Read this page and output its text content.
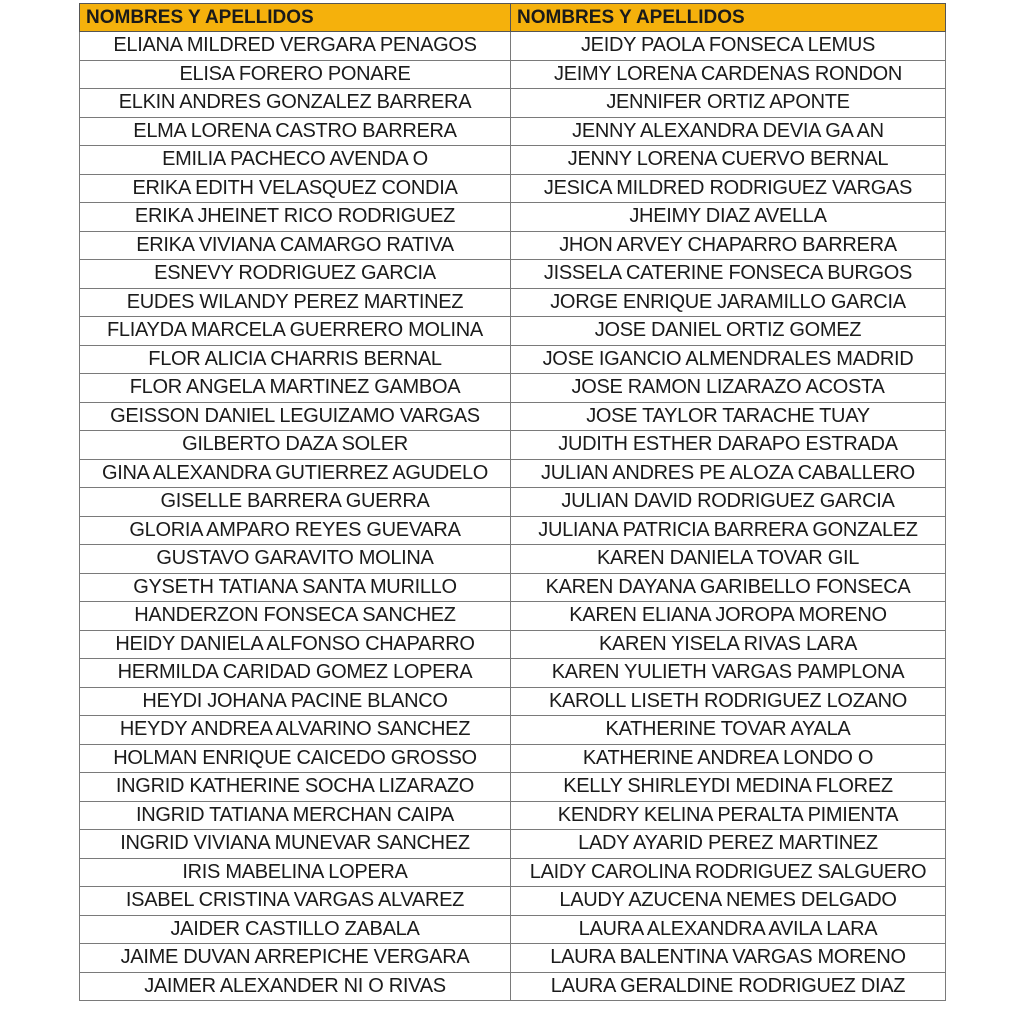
NOMBRES Y APELLIDOS	NOMBRES Y APELLIDOS
ELIANA MILDRED VERGARA PENAGOS	JEIDY PAOLA FONSECA LEMUS
ELISA FORERO PONARE	JEIMY LORENA CARDENAS RONDON
ELKIN ANDRES GONZALEZ BARRERA	JENNIFER ORTIZ APONTE
ELMA LORENA CASTRO BARRERA	JENNY ALEXANDRA DEVIA GA AN
EMILIA PACHECO AVENDA O	JENNY LORENA CUERVO BERNAL
ERIKA EDITH VELASQUEZ CONDIA	JESICA MILDRED RODRIGUEZ VARGAS
ERIKA JHEINET RICO RODRIGUEZ	JHEIMY DIAZ AVELLA
ERIKA VIVIANA CAMARGO RATIVA	JHON ARVEY CHAPARRO BARRERA
ESNEVY RODRIGUEZ GARCIA	JISSELA CATERINE FONSECA BURGOS
EUDES WILANDY PEREZ MARTINEZ	JORGE ENRIQUE JARAMILLO GARCIA
FLIAYDA MARCELA GUERRERO MOLINA	JOSE DANIEL ORTIZ GOMEZ
FLOR ALICIA CHARRIS BERNAL	JOSE IGANCIO ALMENDRALES MADRID
FLOR ANGELA MARTINEZ GAMBOA	JOSE RAMON LIZARAZO ACOSTA
GEISSON DANIEL LEGUIZAMO VARGAS	JOSE TAYLOR TARACHE TUAY
GILBERTO DAZA SOLER	JUDITH ESTHER DARAPO ESTRADA
GINA ALEXANDRA GUTIERREZ AGUDELO	JULIAN ANDRES PE ALOZA CABALLERO
GISELLE BARRERA GUERRA	JULIAN DAVID RODRIGUEZ GARCIA
GLORIA AMPARO REYES GUEVARA	JULIANA PATRICIA BARRERA GONZALEZ
GUSTAVO GARAVITO MOLINA	KAREN DANIELA TOVAR GIL
GYSETH TATIANA SANTA MURILLO	KAREN DAYANA GARIBELLO FONSECA
HANDERZON FONSECA SANCHEZ	KAREN ELIANA JOROPA MORENO
HEIDY DANIELA ALFONSO CHAPARRO	KAREN YISELA RIVAS LARA
HERMILDA CARIDAD GOMEZ LOPERA	KAREN YULIETH VARGAS PAMPLONA
HEYDI JOHANA PACINE BLANCO	KAROLL LISETH RODRIGUEZ LOZANO
HEYDY ANDREA ALVARINO SANCHEZ	KATHERINE TOVAR AYALA
HOLMAN ENRIQUE CAICEDO GROSSO	KATHERINE ANDREA LONDO O
INGRID KATHERINE SOCHA LIZARAZO	KELLY SHIRLEYDI MEDINA FLOREZ
INGRID TATIANA MERCHAN CAIPA	KENDRY KELINA PERALTA PIMIENTA
INGRID VIVIANA MUNEVAR SANCHEZ	LADY AYARID PEREZ MARTINEZ
IRIS MABELINA LOPERA	LAIDY CAROLINA RODRIGUEZ SALGUERO
ISABEL CRISTINA VARGAS ALVAREZ	LAUDY AZUCENA NEMES DELGADO
JAIDER CASTILLO ZABALA	LAURA ALEXANDRA AVILA LARA
JAIME DUVAN ARREPICHE VERGARA	LAURA BALENTINA VARGAS MORENO
JAIMER ALEXANDER NI O RIVAS	LAURA GERALDINE RODRIGUEZ DIAZ
